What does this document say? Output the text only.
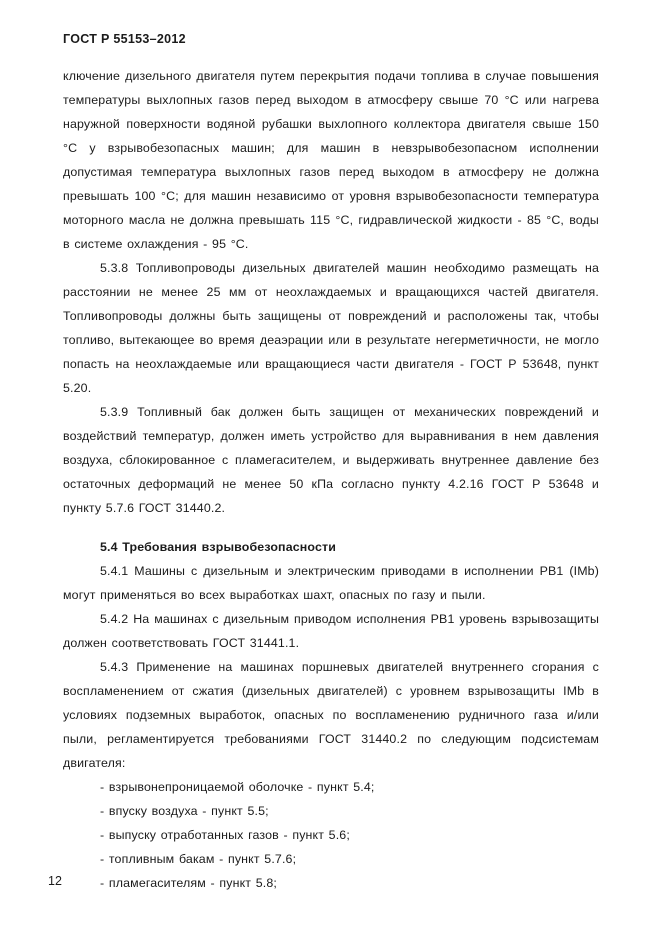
ГОСТ Р 55153–2012

ключение дизельного двигателя путем перекрытия подачи топлива в случае повышения температуры выхлопных газов перед выходом в атмосферу свыше 70 °С или нагрева наружной поверхности водяной рубашки выхлопного коллектора двигателя свыше 150 °С у взрывобезопасных машин; для машин в невзрывобезопасном исполнении допустимая температура выхлопных газов перед выходом в атмосферу не должна превышать 100 °С; для машин независимо от уровня взрывобезопасности температура моторного масла не должна превышать 115 °С, гидравлической жидкости - 85 °С, воды в системе охлаждения - 95 °С.

5.3.8 Топливопроводы дизельных двигателей машин необходимо размещать на расстоянии не менее 25 мм от неохлаждаемых и вращающихся частей двигателя. Топливопроводы должны быть защищены от повреждений и расположены так, чтобы топливо, вытекающее во время деаэрации или в результате негерметичности, не могло попасть на неохлаждаемые или вращающиеся части двигателя - ГОСТ Р 53648, пункт 5.20.

5.3.9 Топливный бак должен быть защищен от механических повреждений и воздействий температур, должен иметь устройство для выравнивания в нем давления воздуха, сблокированное с пламегасителем, и выдерживать внутреннее давление без остаточных деформаций не менее 50 кПа согласно пункту 4.2.16 ГОСТ Р 53648 и пункту 5.7.6 ГОСТ 31440.2.

5.4 Требования взрывобезопасности

5.4.1 Машины с дизельным и электрическим приводами в исполнении РВ1 (IMb) могут применяться во всех выработках шахт, опасных по газу и пыли.

5.4.2 На машинах с дизельным приводом исполнения РВ1 уровень взрывозащиты должен соответствовать ГОСТ 31441.1.

5.4.3 Применение на машинах поршневых двигателей внутреннего сгорания с воспламенением от сжатия (дизельных двигателей) с уровнем взрывозащиты IMb в условиях подземных выработок, опасных по воспламенению рудничного газа и/или пыли, регламентируется требованиями ГОСТ 31440.2 по следующим подсистемам двигателя:

- взрывонепроницаемой оболочке - пункт 5.4;

- впуску воздуха - пункт 5.5;

- выпуску отработанных газов - пункт 5.6;

- топливным бакам - пункт 5.7.6;

- пламегасителям - пункт 5.8;

12
